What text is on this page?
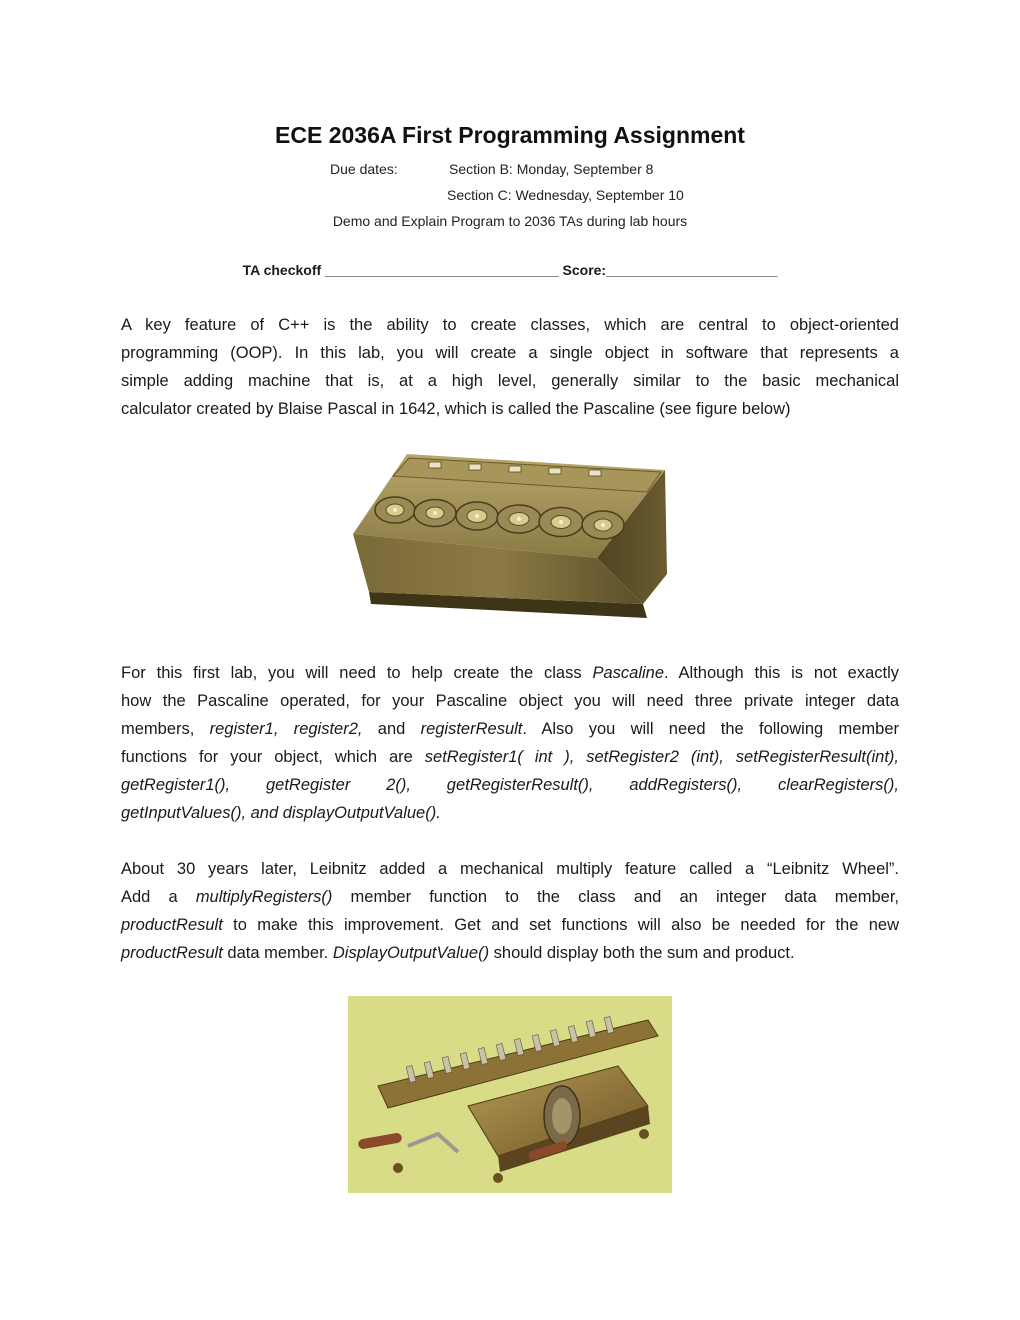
ECE 2036A First Programming Assignment
Due dates:	Section B: Monday, September 8
Section C: Wednesday, September 10
Demo and Explain Program to 2036 TAs during lab hours
TA checkoff ______________________________ Score:______________________
A key feature of C++ is the ability to create classes, which are central to object-oriented
programming (OOP). In this lab, you will create a single object in software that represents a
simple adding machine that is, at a high level, generally similar to the basic mechanical
calculator created by Blaise Pascal in 1642, which is called the Pascaline (see figure below)
For this first lab, you will need to help create the class Pascaline. Although this is not exactly
how the Pascaline operated, for your Pascaline object you will need three private integer data
members, register1, register2, and registerResult. Also you will need the following member
functions for your object, which are setRegister1( int ), setRegister2 (int), setRegisterResult(int),
getRegister1(),   getRegister   2(),   getRegisterResult(),   addRegisters(),   clearRegisters(),
getInputValues(), and displayOutputValue().
About 30 years later, Leibnitz added a mechanical multiply feature called a “Leibnitz Wheel”.
Add a multiplyRegisters() member function to the class and an integer data member,
productResult to make this improvement. Get and set functions will also be needed for the new
productResult data member. DisplayOutputValue() should display both the sum and product.
